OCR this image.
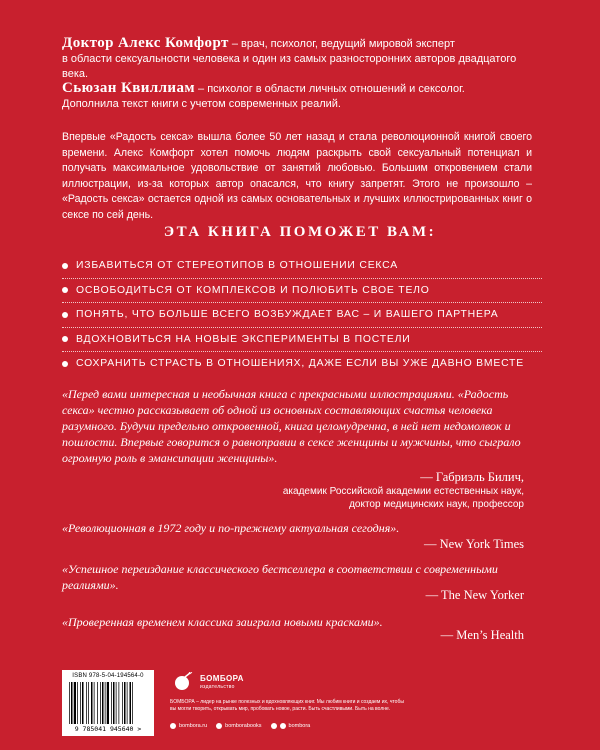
Доктор Алекс Комфорт – врач, психолог, ведущий мировой эксперт
в области сексуальности человека и один из самых разносторонних авторов двадцатого века.
Сьюзан Квиллиам – психолог в области личных отношений и сексолог.
Дополнила текст книги с учетом современных реалий.
Впервые «Радость секса» вышла более 50 лет назад и стала революционной книгой своего времени. Алекс Комфорт хотел помочь людям раскрыть свой сексуальный потенциал и получать максимальное удовольствие от занятий любовью. Большим откровением стали иллюстрации, из-за которых автор опасался, что книгу запретят. Этого не произошло – «Радость секса» остается одной из самых основательных и лучших иллюстрированных книг о сексе по сей день.
ЭТА КНИГА ПОМОЖЕТ ВАМ:
ИЗБАВИТЬСЯ ОТ СТЕРЕОТИПОВ В ОТНОШЕНИИ СЕКСА
ОСВОБОДИТЬСЯ ОТ КОМПЛЕКСОВ И ПОЛЮБИТЬ СВОЕ ТЕЛО
ПОНЯТЬ, ЧТО БОЛЬШЕ ВСЕГО ВОЗБУЖДАЕТ ВАС – И ВАШЕГО ПАРТНЕРА
ВДОХНОВИТЬСЯ НА НОВЫЕ ЭКСПЕРИМЕНТЫ В ПОСТЕЛИ
СОХРАНИТЬ СТРАСТЬ В ОТНОШЕНИЯХ, ДАЖЕ ЕСЛИ ВЫ УЖЕ ДАВНО ВМЕСТЕ
«Перед вами интересная и необычная книга с прекрасными иллюстрациями. «Радость секса» честно рассказывает об одной из основных составляющих счастья человека разумного. Будучи предельно откровенной, книга целомудренна, в ней нет недомолвок и пошлости. Впервые говорится о равноправии в сексе женщины и мужчины, что сыграло огромную роль в эмансипации женщины».
— Габриэль Билич,
академик Российской академии естественных наук,
доктор медицинских наук, профессор
«Революционная в 1972 году и по-прежнему актуальная сегодня».
— New York Times
«Успешное переиздание классического бестселлера в соответствии с современными реалиями».
— The New Yorker
«Проверенная временем классика заиграла новыми красками».
— Men’s Health
ISBN 978-5-04-194564-0
9 785041 945640 >
БОМБОРА
издательство
БОМБОРА – лидер на рынке полезных и вдохновляющих книг. Мы любим книги и создаем их, чтобы вы могли творить, открывать мир, пробовать новое, расти. Быть счастливыми. Быть на волне.
bombora.ru	bomborabooks	bombora
